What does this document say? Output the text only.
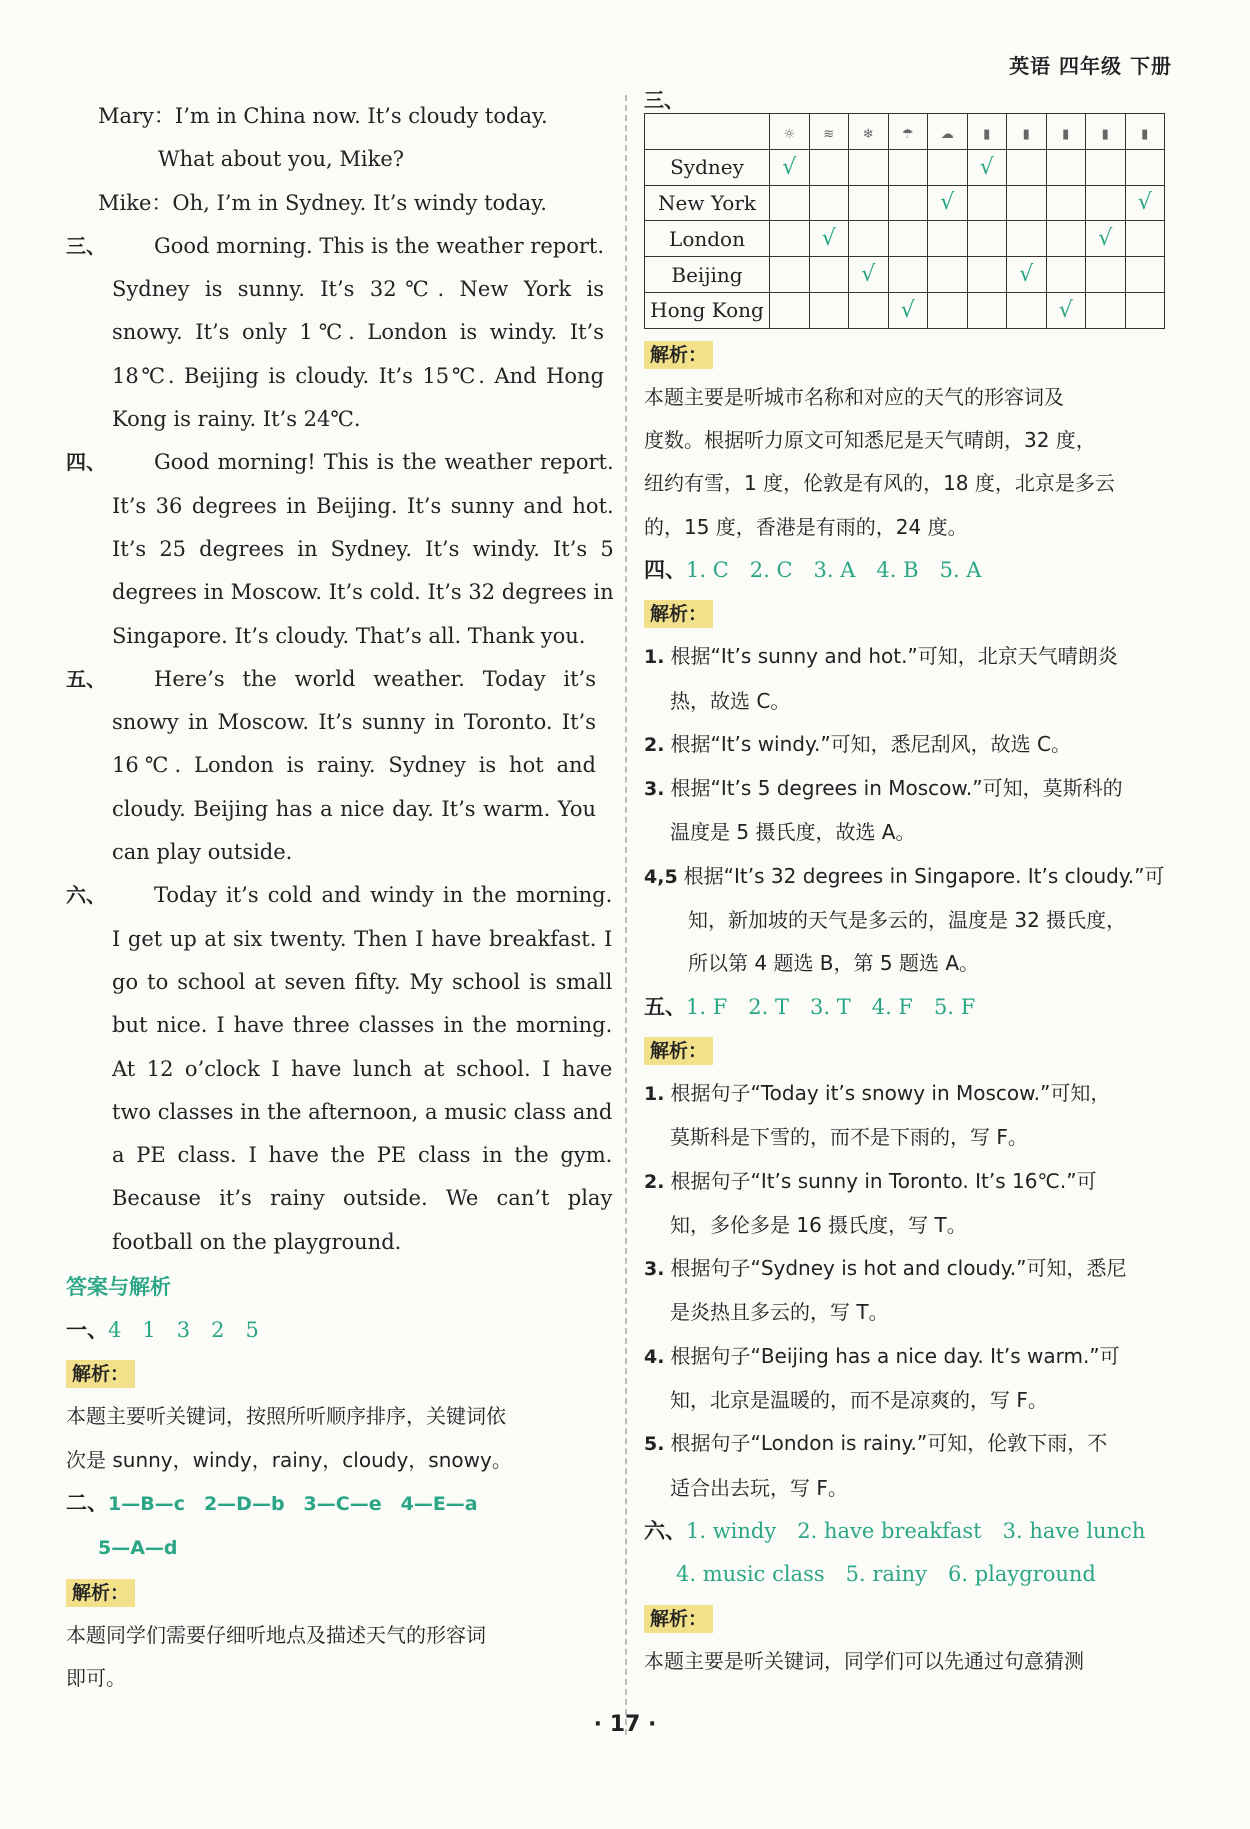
英语 四年级 下册
Mary：I’m in China now. It’s cloudy today.
What about you, Mike?
Mike：Oh, I’m in Sydney. It’s windy today.
三、	Good morning. This is the weather report.
Sydney is sunny. It’s 32℃. New York is
snowy. It’s only 1℃. London is windy. It’s
18℃. Beijing is cloudy. It’s 15℃. And Hong
Kong is rainy. It’s 24℃.
四、	Good morning! This is the weather report.
It’s 36 degrees in Beijing. It’s sunny and hot.
It’s 25 degrees in Sydney. It’s windy. It’s 5
degrees in Moscow. It’s cold. It’s 32 degrees in
Singapore. It’s cloudy. That’s all. Thank you.
五、	Here’s the world weather. Today it’s
snowy in Moscow. It’s sunny in Toronto. It’s
16℃. London is rainy. Sydney is hot and
cloudy. Beijing has a nice day. It’s warm. You
can play outside.
六、	Today it’s cold and windy in the morning.
I get up at six twenty. Then I have breakfast. I
go to school at seven fifty. My school is small
but nice. I have three classes in the morning.
At 12 o’clock I have lunch at school. I have
two classes in the afternoon, a music class and
a PE class. I have the PE class in the gym.
Because it’s rainy outside. We can’t play
football on the playground.
答案与解析
一、4　1　3　2　5
解析：
本题主要听关键词，按照所听顺序排序，关键词依
次是 sunny，windy，rainy，cloudy，snowy。
二、1—B—c　2—D—b　3—C—e　4—E—a
5—A—d
解析：
本题同学们需要仔细听地点及描述天气的形容词
即可。
三、
	☼	≋	❄	☂	☁	▮	▮	▮	▮	▮
Sydney	√					√				
New York					√					√
London		√							√	
Beijing			√				√			
Hong Kong				√				√		
解析：
本题主要是听城市名称和对应的天气的形容词及
度数。根据听力原文可知悉尼是天气晴朗，32 度，
纽约有雪，1 度，伦敦是有风的，18 度，北京是多云
的，15 度，香港是有雨的，24 度。
四、1. C　2. C　3. A　4. B　5. A
解析：
1. 根据“It’s sunny and hot.”可知，北京天气晴朗炎
热，故选 C。
2. 根据“It’s windy.”可知，悉尼刮风，故选 C。
3. 根据“It’s 5 degrees in Moscow.”可知，莫斯科的
温度是 5 摄氏度，故选 A。
4,5 根据“It’s 32 degrees in Singapore. It’s cloudy.”可
知，新加坡的天气是多云的，温度是 32 摄氏度，
所以第 4 题选 B，第 5 题选 A。
五、1. F　2. T　3. T　4. F　5. F
解析：
1. 根据句子“Today it’s snowy in Moscow.”可知，
莫斯科是下雪的，而不是下雨的，写 F。
2. 根据句子“It’s sunny in Toronto. It’s 16℃.”可
知，多伦多是 16 摄氏度，写 T。
3. 根据句子“Sydney is hot and cloudy.”可知，悉尼
是炎热且多云的，写 T。
4. 根据句子“Beijing has a nice day. It’s warm.”可
知，北京是温暖的，而不是凉爽的，写 F。
5. 根据句子“London is rainy.”可知，伦敦下雨，不
适合出去玩，写 F。
六、1. windy　2. have breakfast　3. have lunch
4. music class　5. rainy　6. playground
解析：
本题主要是听关键词，同学们可以先通过句意猜测
· 17 ·
